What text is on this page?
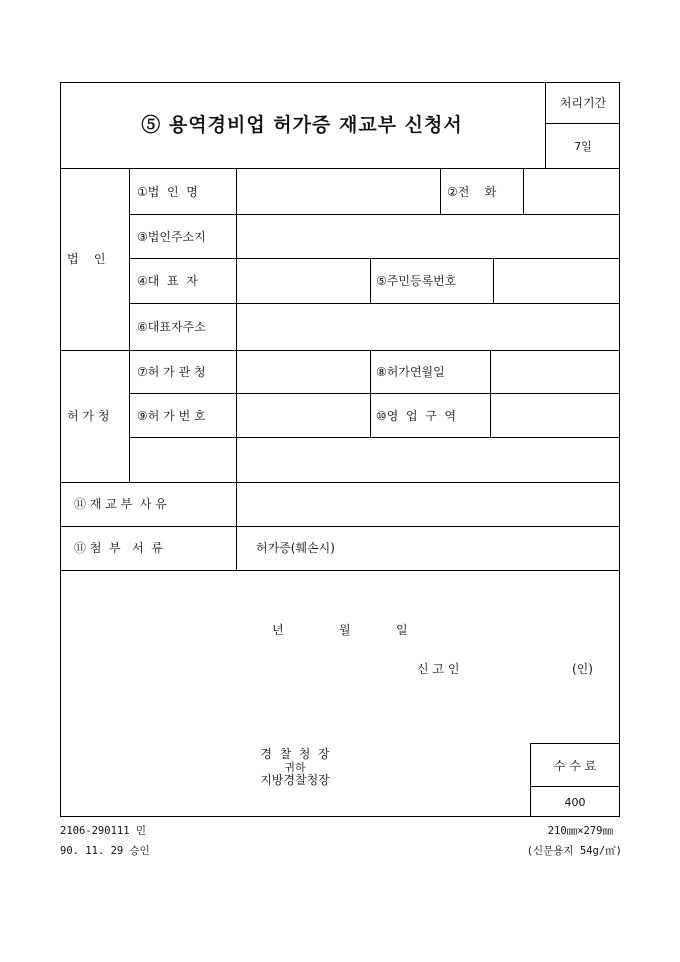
⑤ 용역경비업 허가증 재교부 신청서
처리기간
7일
법    인
①법  인  명	②전    화
③법인주소지
④대  표  자	⑤주민등록번호
⑥대표자주소
허 가 청
⑦허 가 관 청	⑧허가연월일
⑨허 가 번 호	⑩영  업  구  역
⑪ 재 교 부  사 유
⑪ 첨  부   서  류	허가증(훼손시)
년	월	일
신 고 인	(인)
경  찰  청  장
귀하
지방경찰청장
수 수 료
400
2106-290111 민
90. 11. 29 승인
210㎜×279㎜
(신문용지 54g/㎡)
